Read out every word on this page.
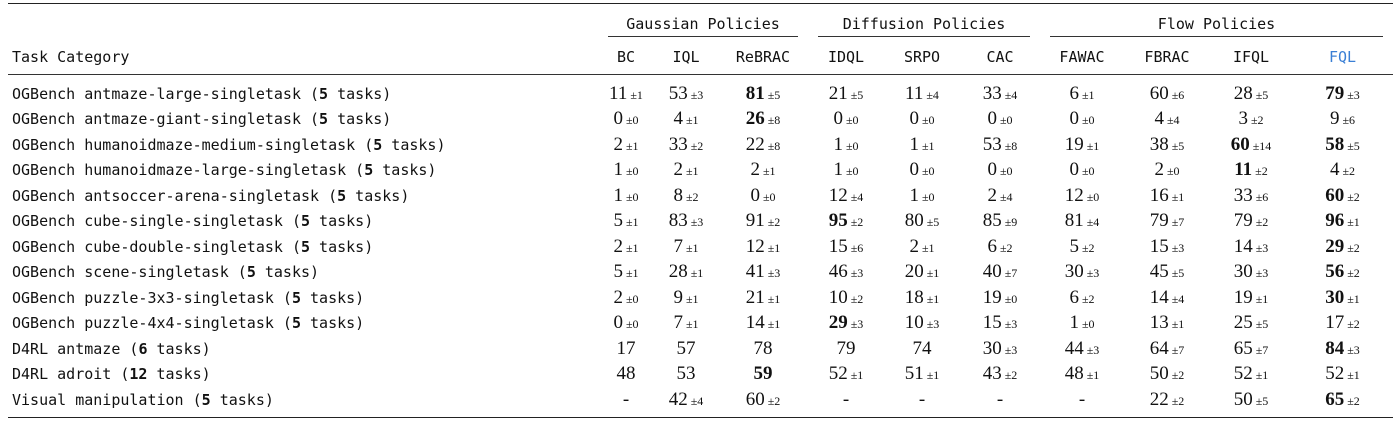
	Gaussian Policies			Diffusion Policies			Flow Policies			

Task Category	BC	IQL	ReBRAC	IDQL	SRPO	CAC	FAWAC	FBRAC	IFQL	FQL
OGBench antmaze-large-singletask (5 tasks)	11 ±1	53 ±3	81 ±5	21 ±5	11 ±4	33 ±4	6 ±1	60 ±6	28 ±5	79 ±3
OGBench antmaze-giant-singletask (5 tasks)	0 ±0	4 ±1	26 ±8	0 ±0	0 ±0	0 ±0	0 ±0	4 ±4	3 ±2	9 ±6
OGBench humanoidmaze-medium-singletask (5 tasks)	2 ±1	33 ±2	22 ±8	1 ±0	1 ±1	53 ±8	19 ±1	38 ±5	60 ±14	58 ±5
OGBench humanoidmaze-large-singletask (5 tasks)	1 ±0	2 ±1	2 ±1	1 ±0	0 ±0	0 ±0	0 ±0	2 ±0	11 ±2	4 ±2
OGBench antsoccer-arena-singletask (5 tasks)	1 ±0	8 ±2	0 ±0	12 ±4	1 ±0	2 ±4	12 ±0	16 ±1	33 ±6	60 ±2
OGBench cube-single-singletask (5 tasks)	5 ±1	83 ±3	91 ±2	95 ±2	80 ±5	85 ±9	81 ±4	79 ±7	79 ±2	96 ±1
OGBench cube-double-singletask (5 tasks)	2 ±1	7 ±1	12 ±1	15 ±6	2 ±1	6 ±2	5 ±2	15 ±3	14 ±3	29 ±2
OGBench scene-singletask (5 tasks)	5 ±1	28 ±1	41 ±3	46 ±3	20 ±1	40 ±7	30 ±3	45 ±5	30 ±3	56 ±2
OGBench puzzle-3x3-singletask (5 tasks)	2 ±0	9 ±1	21 ±1	10 ±2	18 ±1	19 ±0	6 ±2	14 ±4	19 ±1	30 ±1
OGBench puzzle-4x4-singletask (5 tasks)	0 ±0	7 ±1	14 ±1	29 ±3	10 ±3	15 ±3	1 ±0	13 ±1	25 ±5	17 ±2
D4RL antmaze (6 tasks)	17	57	78	79	74	30 ±3	44 ±3	64 ±7	65 ±7	84 ±3
D4RL adroit (12 tasks)	48	53	59	52 ±1	51 ±1	43 ±2	48 ±1	50 ±2	52 ±1	52 ±1
Visual manipulation (5 tasks)	-	42 ±4	60 ±2	-	-	-	-	22 ±2	50 ±5	65 ±2
